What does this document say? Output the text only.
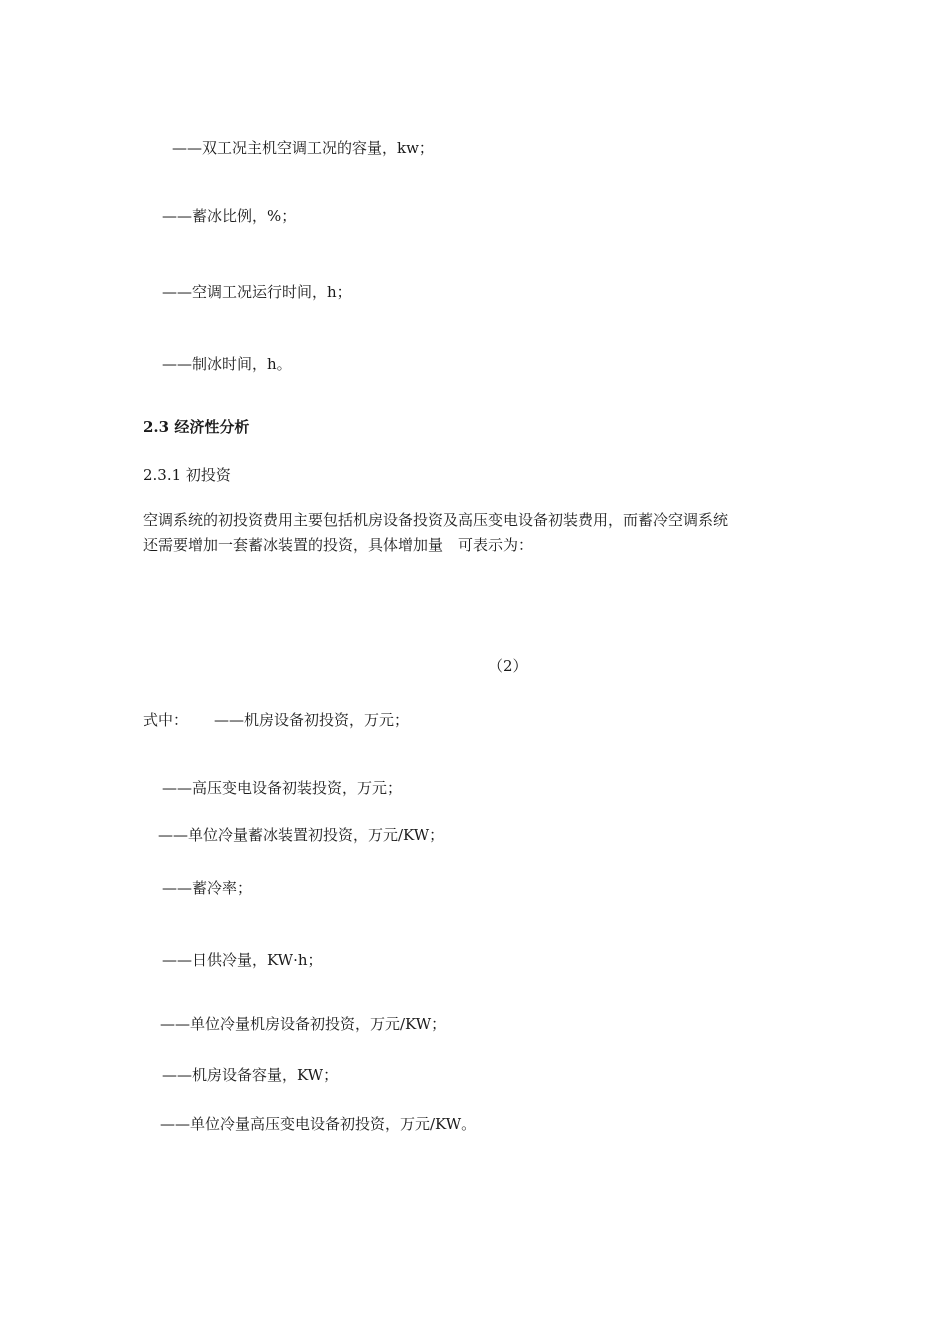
——双工况主机空调工况的容量，kw；
——蓄冰比例，%；
——空调工况运行时间，h；
——制冰时间，h。
2.3 经济性分析
2.3.1 初投资
空调系统的初投资费用主要包括机房设备投资及高压变电设备初装费用，而蓄冷空调系统
还需要增加一套蓄冰装置的投资，具体增加量　可表示为：
（2）
式中： ——机房设备初投资，万元；
——高压变电设备初装投资，万元；
——单位冷量蓄冰装置初投资，万元/KW；
——蓄冷率；
——日供冷量，KW·h；
——单位冷量机房设备初投资，万元/KW；
——机房设备容量，KW；
——单位冷量高压变电设备初投资，万元/KW。
